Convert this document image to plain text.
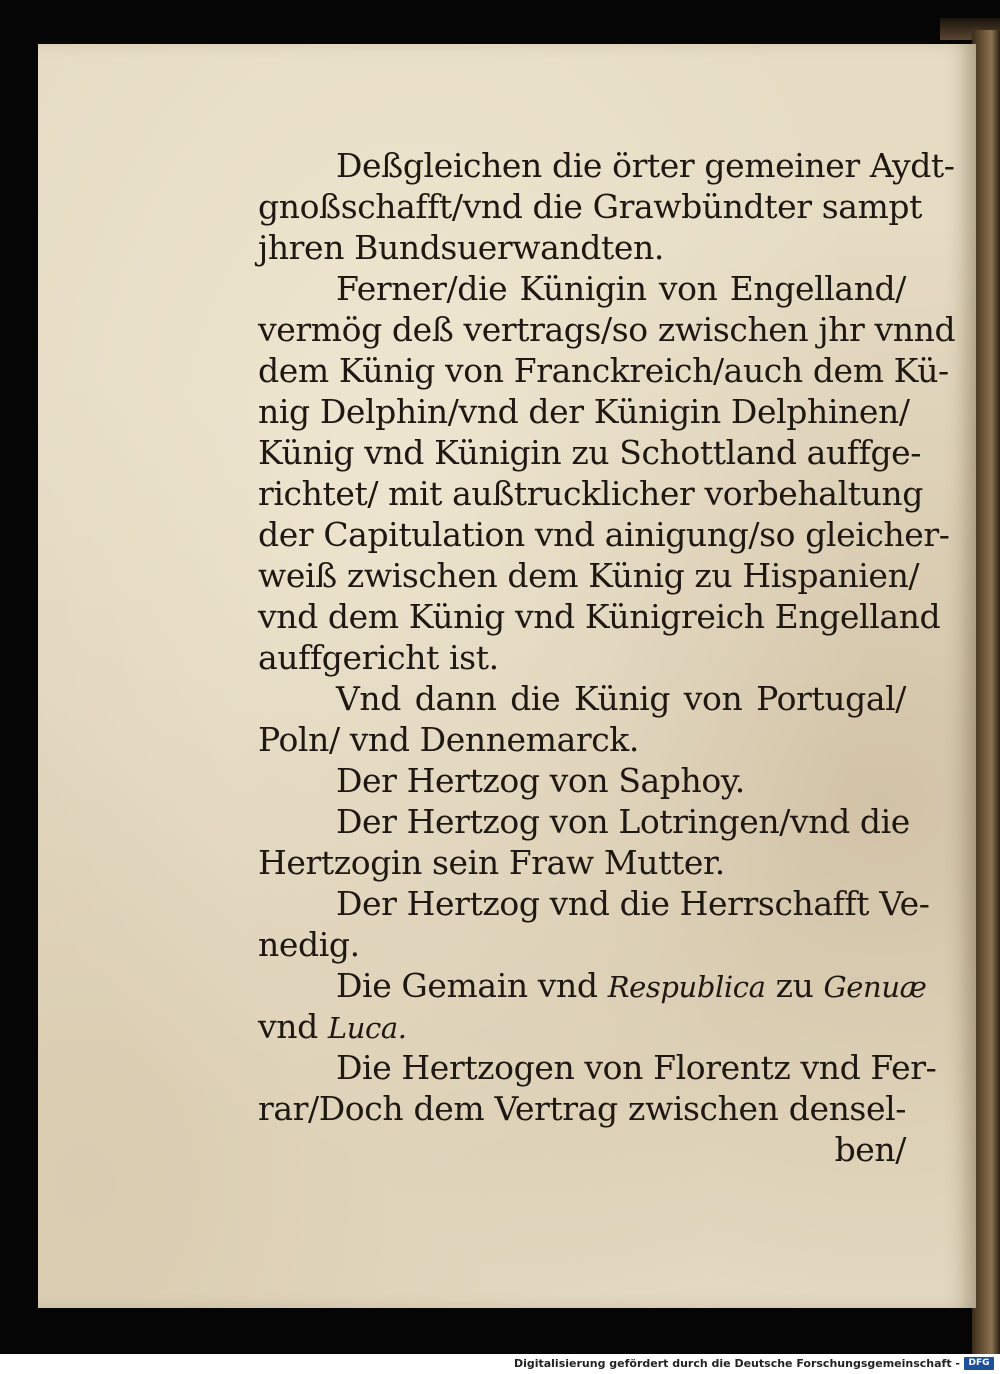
Deßgleichen die örter gemeiner Aydt-
gnoßschafft/vnd die Grawbündter sampt
jhren Bundsuerwandten.
Ferner/die Künigin von Engelland/
vermög deß vertrags/so zwischen jhr vnnd
dem Künig von Franckreich/auch dem Kü-
nig Delphin/vnd der Künigin Delphinen/
Künig vnd Künigin zu Schottland auffge-
richtet/ mit außtrucklicher vorbehaltung
der Capitulation vnd ainigung/so gleicher-
weiß zwischen dem Künig zu Hispanien/
vnd dem Künig vnd Künigreich Engelland
auffgericht ist.
Vnd dann die Künig von Portugal/
Poln/ vnd Dennemarck.
Der Hertzog von Saphoy.
Der Hertzog von Lotringen/vnd die
Hertzogin sein Fraw Mutter.
Der Hertzog vnd die Herrschafft Ve-
nedig.
Die Gemain vnd Respublica zu Genuæ
vnd Luca.
Die Hertzogen von Florentz vnd Fer-
rar/Doch dem Vertrag zwischen densel-
ben/
Digitalisierung gefördert durch die Deutsche Forschungsgemeinschaft - DFG
